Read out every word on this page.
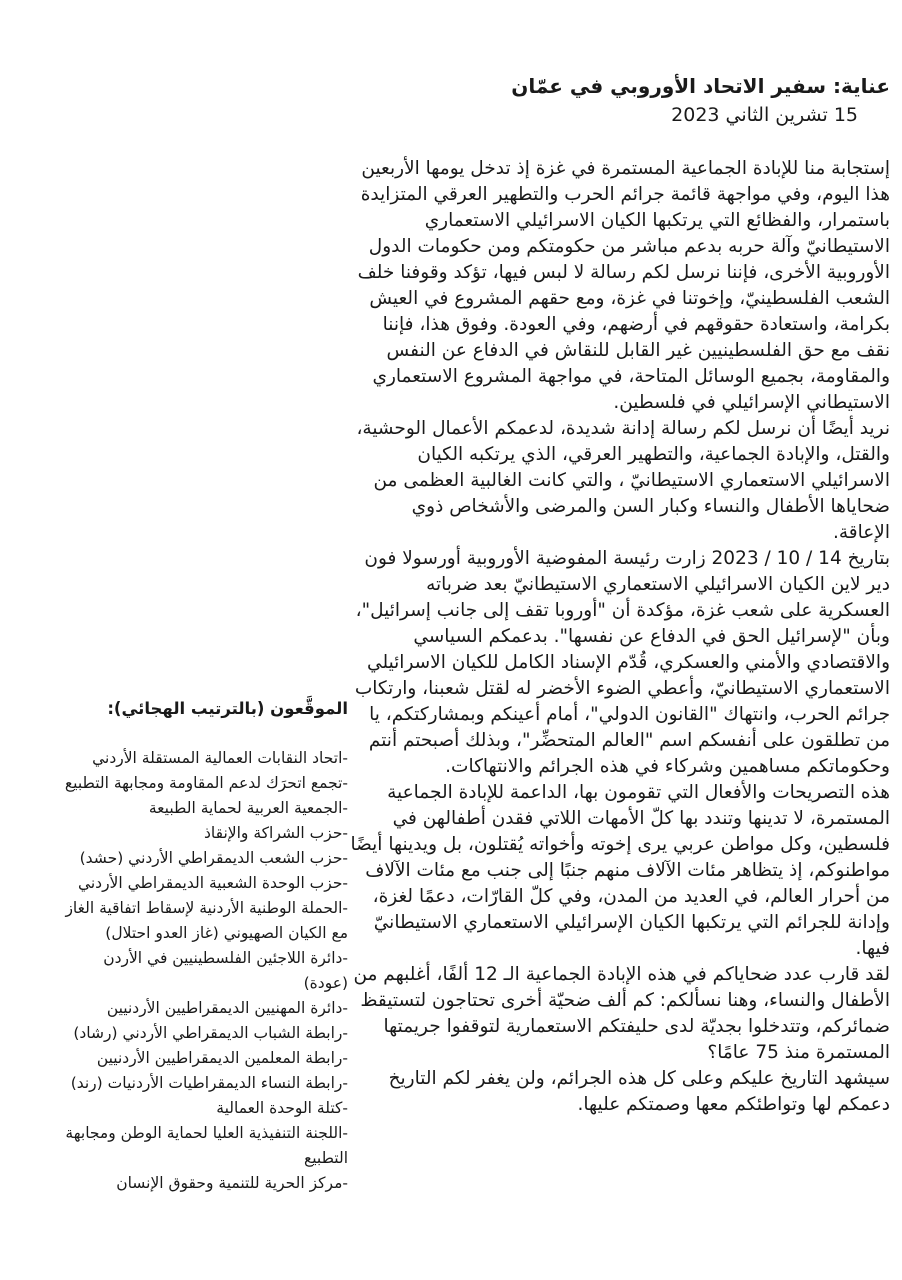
عناية: سفير الاتحاد الأوروبي في عمّان

15 تشرين الثاني 2023

إستجابة منا للإبادة الجماعية المستمرة في غزة إذ تدخل يومها الأربعين هذا اليوم، وفي مواجهة قائمة جرائم الحرب والتطهير العرقي المتزايدة باستمرار، والفظائع التي يرتكبها الكيان الاسرائيلي الاستعماري الاستيطانيّ وآلة حربه بدعم مباشر من حكومتكم ومن حكومات الدول الأوروبية الأخرى، فإننا نرسل لكم رسالة لا لبس فيها، تؤكد وقوفنا خلف الشعب الفلسطينيّ، وإخوتنا في غزة، ومع حقهم المشروع في العيش بكرامة، واستعادة حقوقهم في أرضهم، وفي العودة. وفوق هذا، فإننا نقف مع حق الفلسطينيين غير القابل للنقاش في الدفاع عن النفس والمقاومة، بجميع الوسائل المتاحة، في مواجهة المشروع الاستعماري الاستيطاني الإسرائيلي في فلسطين.

نريد أيضًا أن نرسل لكم رسالة إدانة شديدة، لدعمكم الأعمال الوحشية، والقتل، والإبادة الجماعية، والتطهير العرقي، الذي يرتكبه الكيان الاسرائيلي الاستعماري الاستيطانيّ ، والتي كانت الغالبية العظمى من ضحاياها الأطفال والنساء وكبار السن والمرضى والأشخاص ذوي الإعاقة.

بتاريخ 14 / 10 / 2023 زارت رئيسة المفوضية الأوروبية أورسولا فون دير لاين الكيان الاسرائيلي الاستعماري الاستيطانيّ بعد ضرباته العسكرية على شعب غزة، مؤكدة أن "أوروبا تقف إلى جانب إسرائيل"، وبأن "لإسرائيل الحق في الدفاع عن نفسها". بدعمكم السياسي والاقتصادي والأمني والعسكري، قُدّم الإسناد الكامل للكيان الاسرائيلي الاستعماري الاستيطانيّ، وأعطي الضوء الأخضر له لقتل شعبنا، وارتكاب جرائم الحرب، وانتهاك "القانون الدولي"، أمام أعينكم وبمشاركتكم، يا من تطلقون على أنفسكم اسم "العالم المتحضِّر"، وبذلك أصبحتم أنتم وحكوماتكم مساهمين وشركاء في هذه الجرائم والانتهاكات.

هذه التصريحات والأفعال التي تقومون بها، الداعمة للإبادة الجماعية المستمرة، لا تدينها وتندد بها كلّ الأمهات اللاتي فقدن أطفالهن في فلسطين، وكل مواطن عربي يرى إخوته وأخواته يُقتلون، بل ويدينها أيضًا مواطنوكم، إذ يتظاهر مئات الآلاف منهم جنبًا إلى جنب مع مئات الآلاف من أحرار العالم، في العديد من المدن، وفي كلّ القارّات، دعمًا لغزة، وإدانة للجرائم التي يرتكبها الكيان الإسرائيلي الاستعماري الاستيطانيّ فيها.

لقد قارب عدد ضحاياكم في هذه الإبادة الجماعية الـ 12 ألفًا، أغلبهم من الأطفال والنساء، وهنا نسألكم: كم ألف ضحيّة أخرى تحتاجون لتستيقظ ضمائركم، وتتدخلوا بجديّة لدى حليفتكم الاستعمارية لتوقفوا جريمتها المستمرة منذ 75 عامًا؟

سيشهد التاريخ عليكم وعلى كل هذه الجرائم، ولن يغفر لكم التاريخ دعمكم لها وتواطئكم معها وصمتكم عليها.

الموقَّعون (بالترتيب الهجائي):

-اتحاد النقابات العمالية المستقلة الأردني

-تجمع اتحرَك لدعم المقاومة ومجابهة التطبيع

-الجمعية العربية لحماية الطبيعة

-حزب الشراكة والإنقاذ

-حزب الشعب الديمقراطي الأردني (حشد)

-حزب الوحدة الشعبية الديمقراطي الأردني

-الحملة الوطنية الأردنية لإسقاط اتفاقية الغاز مع الكيان الصهيوني (غاز العدو احتلال)

-دائرة اللاجئين الفلسطينيين في الأردن (عودة)

-دائرة المهنيين الديمقراطيين الأردنيين

-رابطة الشباب الديمقراطي الأردني (رشاد)

-رابطة المعلمين الديمقراطيين الأردنيين

-رابطة النساء الديمقراطيات الأردنيات (رند)

-كتلة الوحدة العمالية

-اللجنة التنفيذية العليا لحماية الوطن ومجابهة التطبيع

-مركز الحرية للتنمية وحقوق الإنسان
